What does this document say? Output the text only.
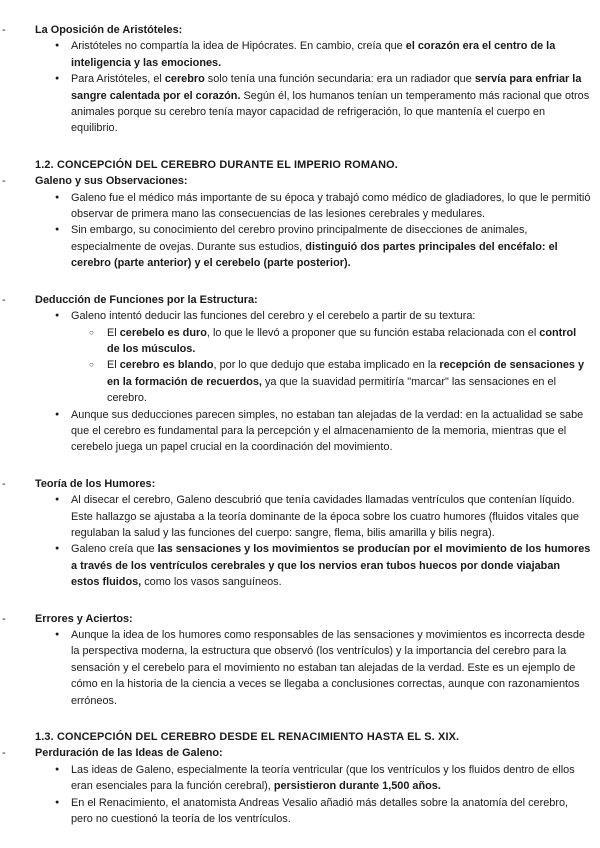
-	La Oposición de Aristóteles:
● Aristóteles no compartía la idea de Hipócrates. En cambio, creía que el corazón era el centro de la inteligencia y las emociones.
● Para Aristóteles, el cerebro solo tenía una función secundaria: era un radiador que servía para enfriar la sangre calentada por el corazón. Según él, los humanos tenían un temperamento más racional que otros animales porque su cerebro tenía mayor capacidad de refrigeración, lo que mantenía el cuerpo en equilibrio.
1.2. CONCEPCIÓN DEL CEREBRO DURANTE EL IMPERIO ROMANO.
-	Galeno y sus Observaciones:
● Galeno fue el médico más importante de su época y trabajó como médico de gladiadores, lo que le permitió observar de primera mano las consecuencias de las lesiones cerebrales y medulares.
● Sin embargo, su conocimiento del cerebro provino principalmente de disecciones de animales, especialmente de ovejas. Durante sus estudios, distinguió dos partes principales del encéfalo: el cerebro (parte anterior) y el cerebelo (parte posterior).
-	Deducción de Funciones por la Estructura:
● Galeno intentó deducir las funciones del cerebro y el cerebelo a partir de su textura:
○ El cerebelo es duro, lo que le llevó a proponer que su función estaba relacionada con el control de los músculos.
○ El cerebro es blando, por lo que dedujo que estaba implicado en la recepción de sensaciones y en la formación de recuerdos, ya que la suavidad permitiría "marcar" las sensaciones en el cerebro.
● Aunque sus deducciones parecen simples, no estaban tan alejadas de la verdad: en la actualidad se sabe que el cerebro es fundamental para la percepción y el almacenamiento de la memoria, mientras que el cerebelo juega un papel crucial en la coordinación del movimiento.
-	Teoría de los Humores:
● Al disecar el cerebro, Galeno descubrió que tenía cavidades llamadas ventrículos que contenían líquido. Este hallazgo se ajustaba a la teoría dominante de la época sobre los cuatro humores (fluidos vitales que regulaban la salud y las funciones del cuerpo: sangre, flema, bilis amarilla y bilis negra).
● Galeno creía que las sensaciones y los movimientos se producían por el movimiento de los humores a través de los ventrículos cerebrales y que los nervios eran tubos huecos por donde viajaban estos fluidos, como los vasos sanguíneos.
-	Errores y Aciertos:
● Aunque la idea de los humores como responsables de las sensaciones y movimientos es incorrecta desde la perspectiva moderna, la estructura que observó (los ventrículos) y la importancia del cerebro para la sensación y el cerebelo para el movimiento no estaban tan alejadas de la verdad. Este es un ejemplo de cómo en la historia de la ciencia a veces se llegaba a conclusiones correctas, aunque con razonamientos erróneos.
1.3. CONCEPCIÓN DEL CEREBRO DESDE EL RENACIMIENTO HASTA EL S. XIX.
-	Perduración de las Ideas de Galeno:
● Las ideas de Galeno, especialmente la teoría ventricular (que los ventrículos y los fluidos dentro de ellos eran esenciales para la función cerebral), persistieron durante 1,500 años.
● En el Renacimiento, el anatomista Andreas Vesalio añadió más detalles sobre la anatomía del cerebro, pero no cuestionó la teoría de los ventrículos.
